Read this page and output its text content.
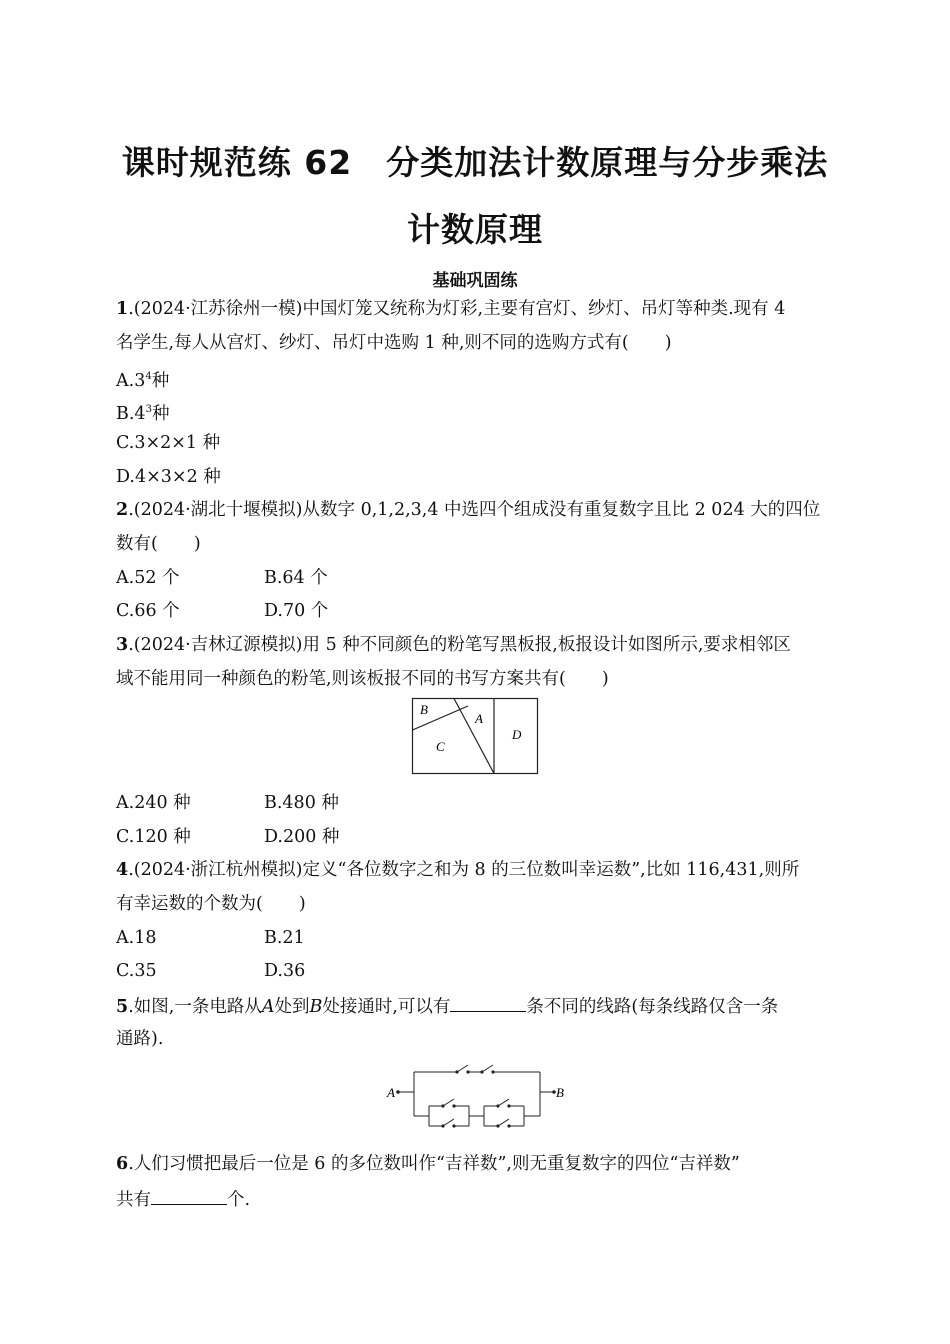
课时规范练 62　分类加法计数原理与分步乘法
计数原理
基础巩固练
1.(2024·江苏徐州一模)中国灯笼又统称为灯彩,主要有宫灯、纱灯、吊灯等种类.现有 4
名学生,每人从宫灯、纱灯、吊灯中选购 1 种,则不同的选购方式有( )
$A.3^4$种
$B.4^3$种
C.3×2×1 种
D.4×3×2 种
2.(2024·湖北十堰模拟)从数字 0,1,2,3,4 中选四个组成没有重复数字且比 2 024 大的四位
数有( )
A.52 个	B.64 个
C.66 个	D.70 个
3.(2024·吉林辽源模拟)用 5 种不同颜色的粉笔写黑板报,板报设计如图所示,要求相邻区
域不能用同一种颜色的粉笔,则该板报不同的书写方案共有( )
B
A
C
D
A.240 种	B.480 种
C.120 种	D.200 种
4.(2024·浙江杭州模拟)定义“各位数字之和为 8 的三位数叫幸运数”,比如 116,431,则所
有幸运数的个数为( )
A.18	B.21
C.35	D.36
5.如图,一条电路从A处到B处接通时,可以有	条不同的线路(每条线路仅含一条
通路).
A	B
6.人们习惯把最后一位是 6 的多位数叫作“吉祥数”,则无重复数字的四位“吉祥数”
共有	个.
